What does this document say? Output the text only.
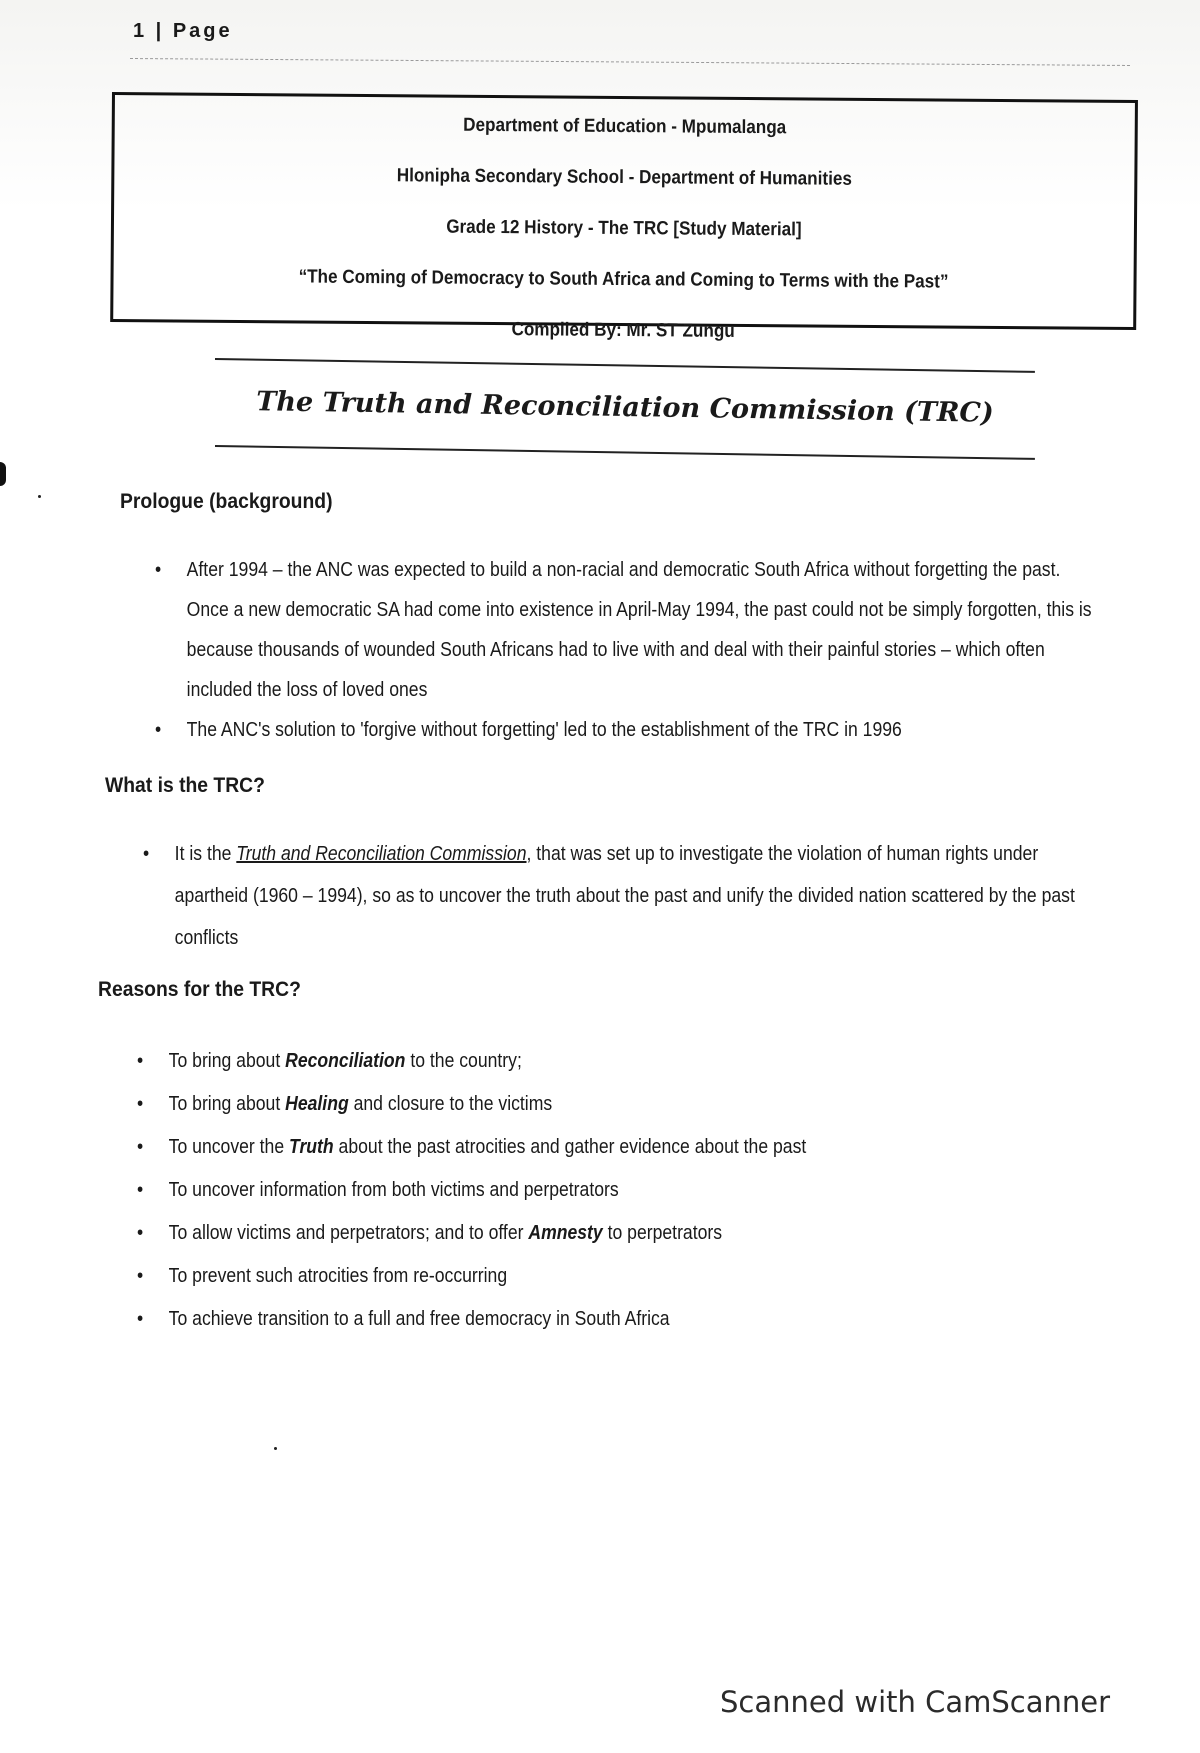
1 | Page

Department of Education - Mpumalanga

Hlonipha Secondary School - Department of Humanities

Grade 12 History - The TRC [Study Material]

“The Coming of Democracy to South Africa and Coming to Terms with the Past”

Compiled By: Mr. ST Zungu

The Truth and Reconciliation Commission (TRC)
Prologue (background)
• After 1994 – the ANC was expected to build a non-racial and democratic South Africa without forgetting the past. Once a new democratic SA had come into existence in April-May 1994, the past could not be simply forgotten, this is because thousands of wounded South Africans had to live with and deal with their painful stories – which often included the loss of loved ones
• The ANC's solution to 'forgive without forgetting' led to the establishment of the TRC in 1996
What is the TRC?
• It is the Truth and Reconciliation Commission, that was set up to investigate the violation of human rights under apartheid (1960 – 1994), so as to uncover the truth about the past and unify the divided nation scattered by the past conflicts
Reasons for the TRC?
• To bring about Reconciliation to the country;
• To bring about Healing and closure to the victims
• To uncover the Truth about the past atrocities and gather evidence about the past
• To uncover information from both victims and perpetrators
• To allow victims and perpetrators; and to offer Amnesty to perpetrators
• To prevent such atrocities from re-occurring
• To achieve transition to a full and free democracy in South Africa
Scanned with CamScanner
